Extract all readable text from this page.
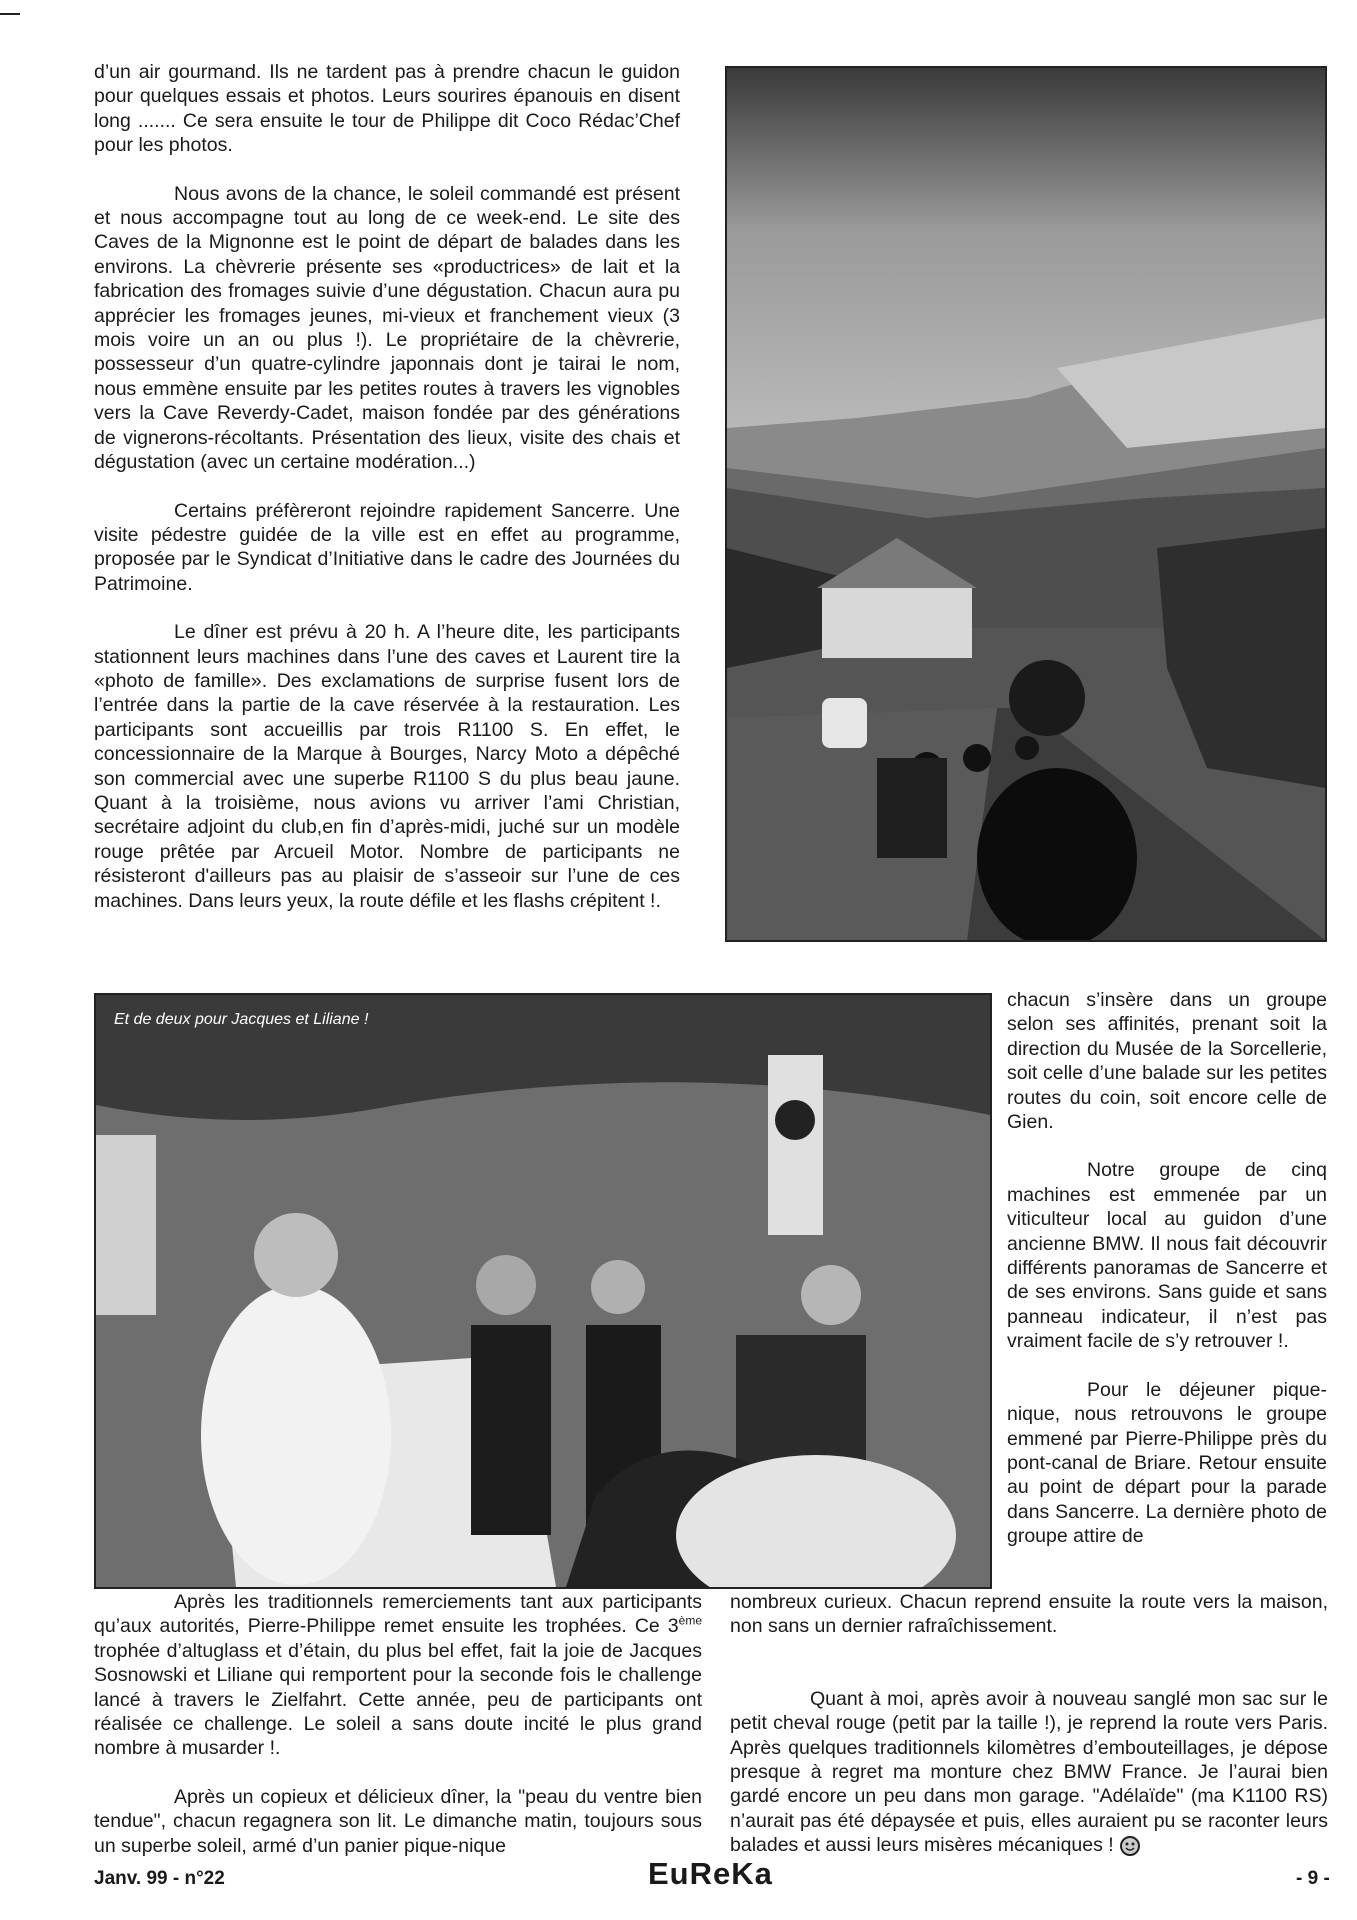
d’un air gourmand. Ils ne tardent pas à prendre chacun le guidon pour quelques essais et photos. Leurs sourires épanouis en disent long ....... Ce sera ensuite le tour de Philippe dit Coco Rédac’Chef pour les photos.

Nous avons de la chance, le soleil commandé est présent et nous accompagne tout au long de ce week-end. Le site des Caves de la Mignonne est le point de départ de balades dans les environs. La chèvrerie présente ses «productrices» de lait et la fabrication des fromages suivie d’une dégustation. Chacun aura pu apprécier les fromages jeunes, mi-vieux et franchement vieux (3 mois voire un an ou plus !). Le propriétaire de la chèvrerie, possesseur d’un quatre-cylindre japonnais dont je tairai le nom, nous emmène ensuite par les petites routes à travers les vignobles vers la Cave Reverdy-Cadet, maison fondée par des générations de vignerons-récoltants. Présentation des lieux, visite des chais et dégustation (avec un certaine modération...)

Certains préfèreront rejoindre rapidement Sancerre. Une visite pédestre guidée de la ville est en effet au programme, proposée par le Syndicat d’Initiative dans le cadre des Journées du Patrimoine.

Le dîner est prévu à 20 h. A l’heure dite, les participants stationnent leurs machines dans l’une des caves et Laurent tire la «photo de famille». Des exclamations de surprise fusent lors de l’entrée dans la partie de la cave réservée à la restauration. Les participants sont accueillis par trois R1100 S. En effet, le concessionnaire de la Marque à Bourges, Narcy Moto a dépêché son commercial avec une superbe R1100 S du plus beau jaune. Quant à la troisième, nous avions vu arriver l’ami Christian, secrétaire adjoint du club,en fin d’après-midi, juché sur un modèle rouge prêtée par Arcueil Motor. Nombre de participants ne résisteront d'ailleurs pas au plaisir de s’asseoir sur l’une de ces machines. Dans leurs yeux, la route défile et les flashs crépitent !.

Et de deux pour Jacques et Liliane !

chacun s’insère dans un groupe selon ses affinités, prenant soit la direction du Musée de la Sorcellerie, soit celle d’une balade sur les petites routes du coin, soit encore celle de Gien.

Notre groupe de cinq machines est emmenée par un viticulteur local au guidon d’une ancienne BMW. Il nous fait découvrir différents panoramas de Sancerre et de ses environs. Sans guide et sans panneau indicateur, il n’est pas vraiment facile de s’y retrouver !.

Pour le déjeuner pique-nique, nous retrouvons le groupe emmené par Pierre-Philippe près du pont-canal de Briare. Retour ensuite au point de départ pour la parade dans Sancerre. La dernière photo de groupe attire de

Après les traditionnels remerciements tant aux participants qu’aux autorités, Pierre-Philippe remet ensuite les trophées. Ce 3ème trophée d’altuglass et d’étain, du plus bel effet, fait la joie de Jacques Sosnowski et Liliane qui remportent pour la seconde fois le challenge lancé à travers le Zielfahrt. Cette année, peu de participants ont réalisée ce challenge. Le soleil a sans doute incité le plus grand nombre à musarder !.

Après un copieux et délicieux dîner, la "peau du ventre bien tendue", chacun regagnera son lit. Le dimanche matin, toujours sous un superbe soleil, armé d’un panier pique-nique

nombreux curieux. Chacun reprend ensuite la route vers la maison, non sans un dernier rafraîchissement.

Quant à moi, après avoir à nouveau sanglé mon sac sur le petit cheval rouge (petit par la taille !), je reprend la route vers Paris. Après quelques traditionnels kilomètres d’embouteillages, je dépose presque à regret ma monture chez BMW France. Je l’aurai bien gardé encore un peu dans mon garage. "Adélaïde" (ma K1100 RS) n’aurait pas été dépaysée et puis, elles auraient pu se raconter leurs balades et aussi leurs misères mécaniques !

Janv. 99 - n°22	EuReKa	- 9 -
